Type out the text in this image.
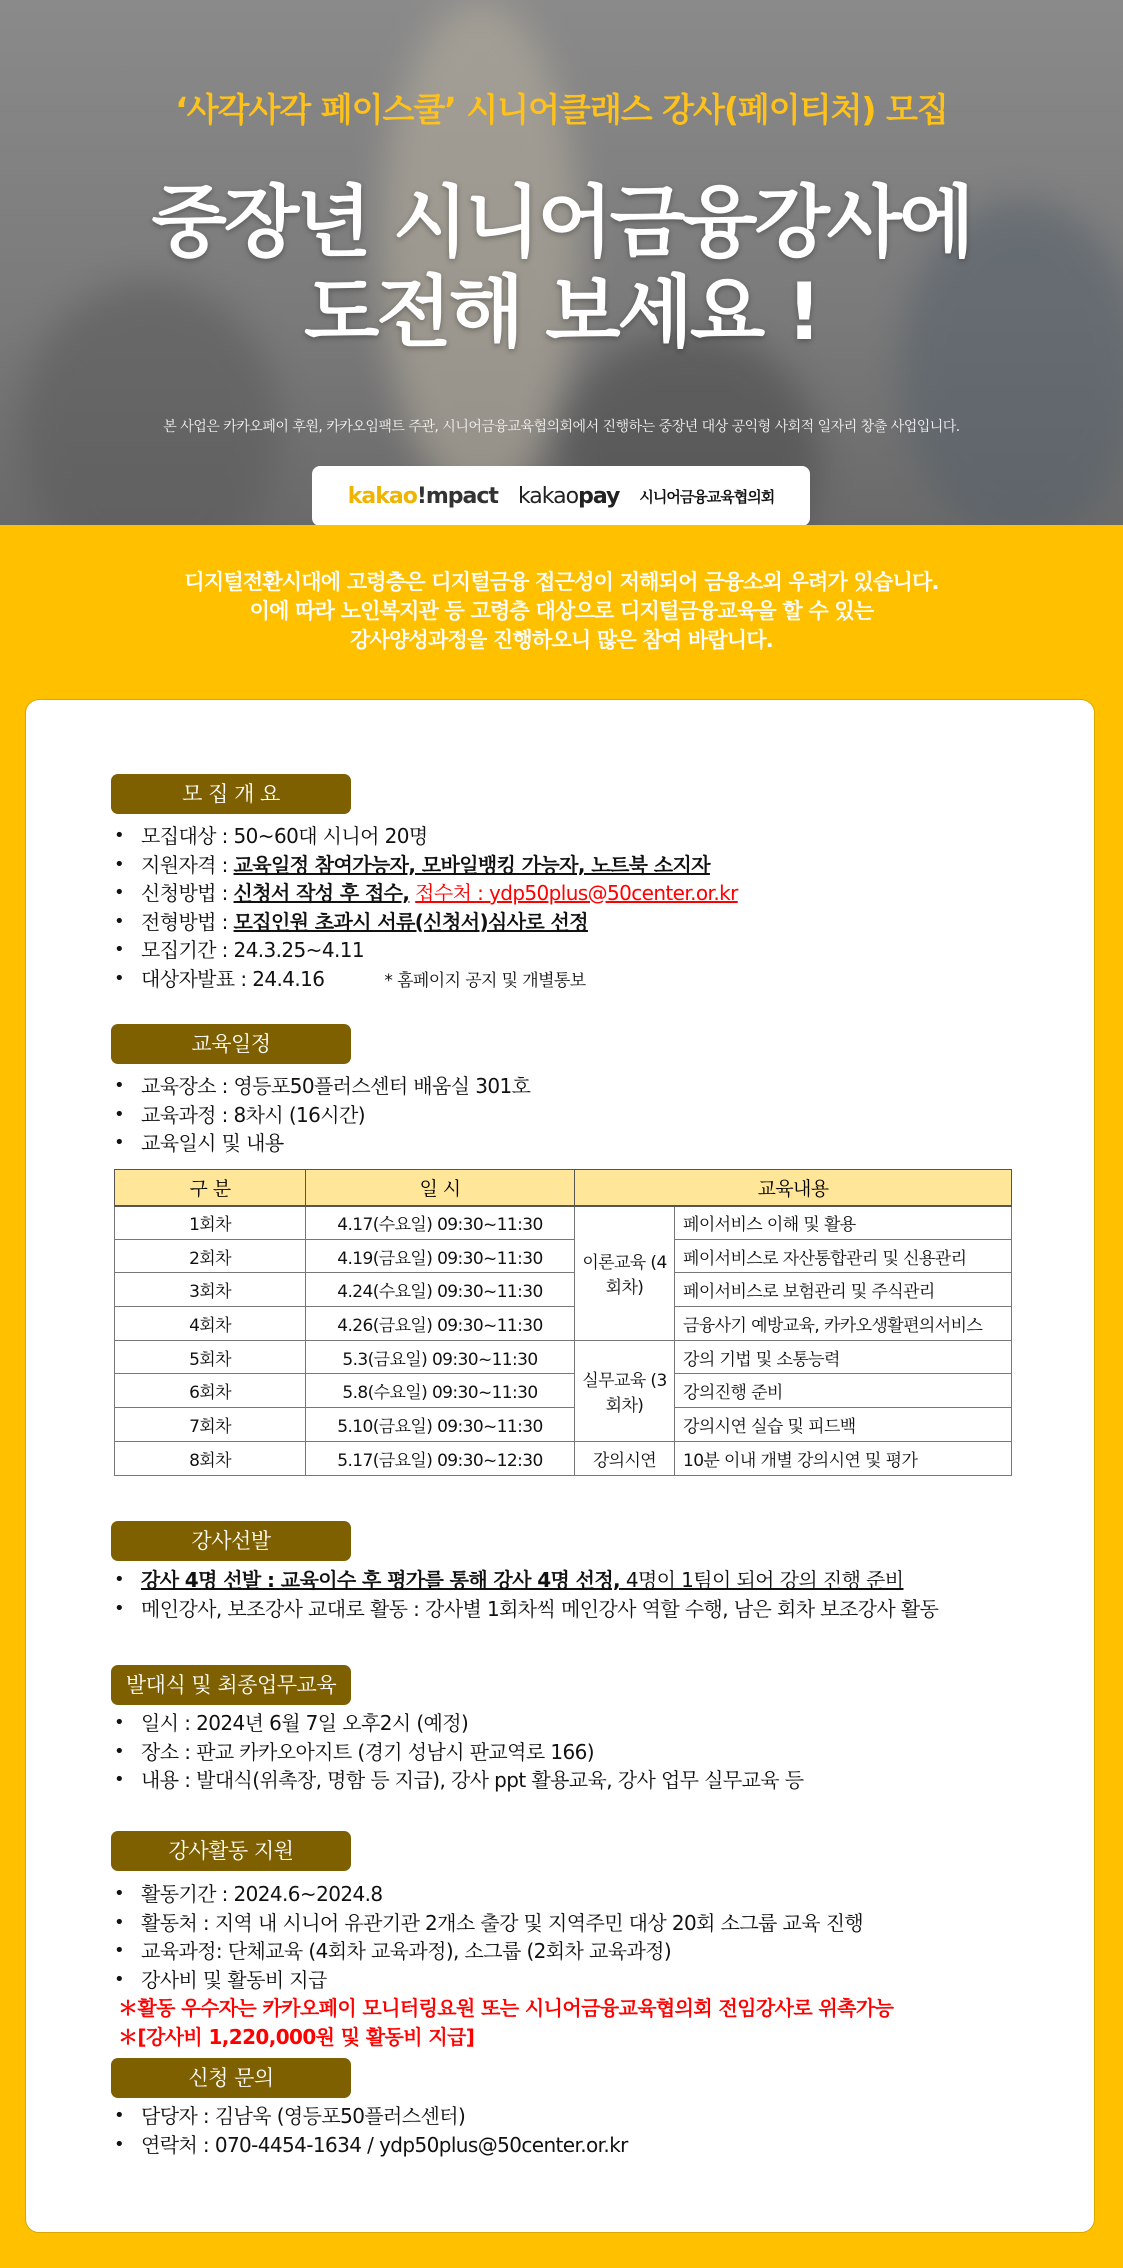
‘사각사각 페이스쿨’ 시니어클래스 강사(페이티처) 모집
중장년 시니어금융강사에
도전해 보세요 !
본 사업은 카카오페이 후원, 카카오임팩트 주관, 시니어금융교육협의회에서 진행하는 중장년 대상 공익형 사회적 일자리 창출 사업입니다.
kakao!mpact kakaopay 시니어금융교육협의회
디지털전환시대에 고령층은 디지털금융 접근성이 저해되어 금융소외 우려가 있습니다.
이에 따라 노인복지관 등 고령층 대상으로 디지털금융교육을 할 수 있는
강사양성과정을 진행하오니 많은 참여 바랍니다.
모 집 개 요
• 모집대상 : 50~60대 시니어 20명
• 지원자격 : 교육일정 참여가능자, 모바일뱅킹 가능자, 노트북 소지자
• 신청방법 : 신청서 작성 후 접수, 접수처 : ydp50plus@50center.or.kr
• 전형방법 : 모집인원 초과시 서류(신청서)심사로 선정
• 모집기간 : 24.3.25~4.11
• 대상자발표 : 24.4.16	* 홈페이지 공지 및 개별통보
교육일정
• 교육장소 : 영등포50플러스센터 배움실 301호
• 교육과정 : 8차시 (16시간)
• 교육일시 및 내용
구 분	일 시	교육내용	
1회차	4.17(수요일) 09:30~11:30	이론교육 (4회차)	페이서비스 이해 및 활용
2회차	4.19(금요일) 09:30~11:30		페이서비스로 자산통합관리 및 신용관리
3회차	4.24(수요일) 09:30~11:30		페이서비스로 보험관리 및 주식관리
4회차	4.26(금요일) 09:30~11:30		금융사기 예방교육, 카카오생활편의서비스
5회차	5.3(금요일) 09:30~11:30	실무교육 (3회차)	강의 기법 및 소통능력
6회차	5.8(수요일) 09:30~11:30		강의진행 준비
7회차	5.10(금요일) 09:30~11:30		강의시연 실습 및 피드백
8회차	5.17(금요일) 09:30~12:30	강의시연	10분 이내 개별 강의시연 및 평가
강사선발
• 강사 4명 선발 : 교육이수 후 평가를 통해 강사 4명 선정, 4명이 1팀이 되어 강의 진행 준비
• 메인강사, 보조강사 교대로 활동 : 강사별 1회차씩 메인강사 역할 수행, 남은 회차 보조강사 활동
발대식 및 최종업무교육
• 일시 : 2024년 6월 7일 오후2시 (예정)
• 장소 : 판교 카카오아지트 (경기 성남시 판교역로 166)
• 내용 : 발대식(위촉장, 명함 등 지급), 강사 ppt 활용교육, 강사 업무 실무교육 등
강사활동 지원
• 활동기간 : 2024.6~2024.8
• 활동처 : 지역 내 시니어 유관기관 2개소 출강 및 지역주민 대상 20회 소그룹 교육 진행
• 교육과정: 단체교육 (4회차 교육과정), 소그룹 (2회차 교육과정)
• 강사비 및 활동비 지급
＊활동 우수자는 카카오페이 모니터링요원 또는 시니어금융교육협의회 전임강사로 위촉가능
＊[강사비 1,220,000원 및 활동비 지급]
신청 문의
• 담당자 : 김남욱 (영등포50플러스센터)
• 연락처 : 070-4454-1634 / ydp50plus@50center.or.kr
